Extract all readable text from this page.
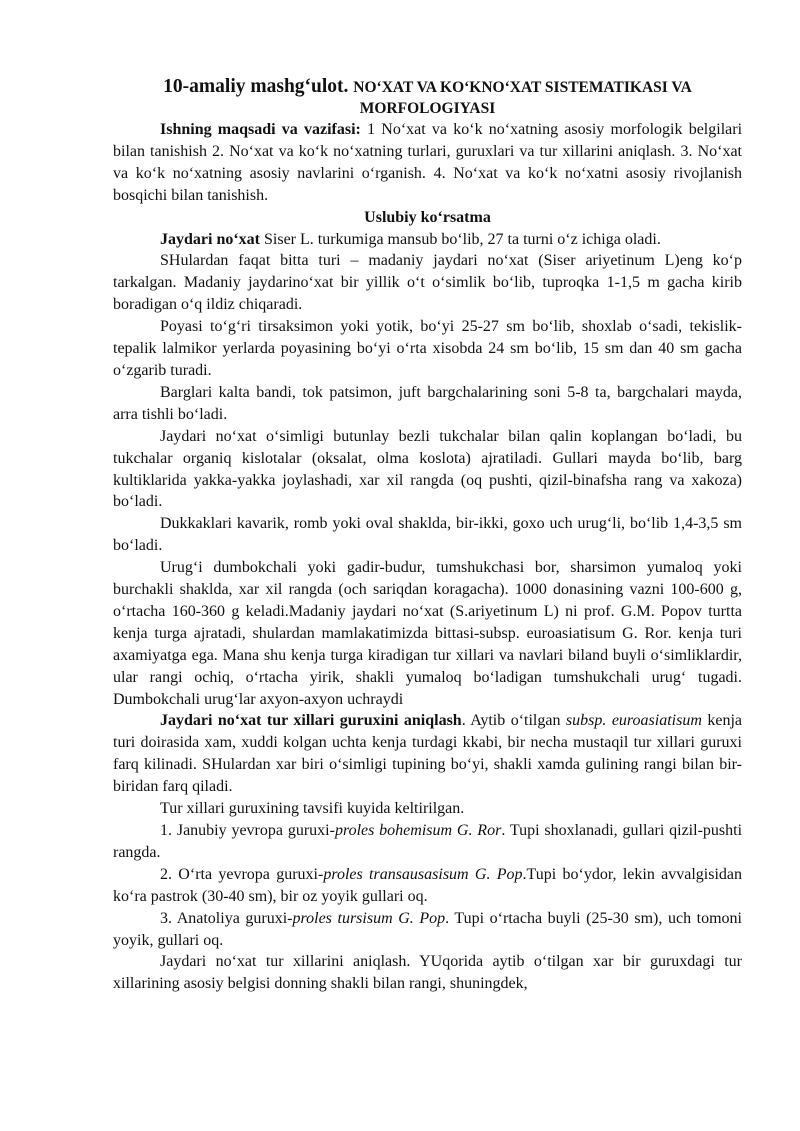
10-amaliy mashgʻulot. NOʻXAT VA KOʻKNOʻXAT SISTEMATIKASI VA MORFOLOGIYASI

Ishning maqsadi va vazifasi: 1 Noʻxat va koʻk noʻxatning asosiy morfologik belgilari bilan tanishish 2. Noʻxat va koʻk noʻxatning turlari, guruxlari va tur xillarini aniqlash. 3. Noʻxat va koʻk noʻxatning asosiy navlarini oʻrganish. 4. Noʻxat va koʻk noʻxatni asosiy rivojlanish bosqichi bilan tanishish.

Uslubiy koʻrsatma

Jaydari noʻxat Siser L. turkumiga mansub boʻlib, 27 ta turni oʻz ichiga oladi.

SHulardan faqat bitta turi – madaniy jaydari noʻxat (Siser ariyetinum L)eng koʻp tarkalgan. Madaniy jaydarinoʻxat bir yillik oʻt oʻsimlik boʻlib, tuproqka 1-1,5 m gacha kirib boradigan oʻq ildiz chiqaradi.

Poyasi toʻgʻri tirsaksimon yoki yotik, boʻyi 25-27 sm boʻlib, shoxlab oʻsadi, tekislik-tepalik lalmikor yerlarda poyasining boʻyi oʻrta xisobda 24 sm boʻlib, 15 sm dan 40 sm gacha oʻzgarib turadi.

Barglari kalta bandi, tok patsimon, juft bargchalarining soni 5-8 ta, bargchalari mayda, arra tishli boʻladi.

Jaydari noʻxat oʻsimligi butunlay bezli tukchalar bilan qalin koplangan boʻladi, bu tukchalar organiq kislotalar (oksalat, olma koslota) ajratiladi. Gullari mayda boʻlib, barg kultiklarida yakka-yakka joylashadi, xar xil rangda (oq pushti, qizil-binafsha rang va xakoza) boʻladi.

Dukkaklari kavarik, romb yoki oval shaklda, bir-ikki, goxo uch urugʻli, boʻlib 1,4-3,5 sm boʻladi.

Urugʻi dumbokchali yoki gadir-budur, tumshukchasi bor, sharsimon yumaloq yoki burchakli shaklda, xar xil rangda (och sariqdan koragacha). 1000 donasining vazni 100-600 g, oʻrtacha 160-360 g keladi.Madaniy jaydari noʻxat (S.ariyetinum L) ni prof. G.M. Popov turtta kenja turga ajratadi, shulardan mamlakatimizda bittasi-subsp. euroasiatisum G. Ror. kenja turi axamiyatga ega. Mana shu kenja turga kiradigan tur xillari va navlari biland buyli oʻsimliklardir, ular rangi ochiq, oʻrtacha yirik, shakli yumaloq boʻladigan tumshukchali urugʻ tugadi. Dumbokchali urugʻlar axyon-axyon uchraydi

Jaydari noʻxat tur xillari guruxini aniqlash. Aytib oʻtilgan subsp. euroasiatisum kenja turi doirasida xam, xuddi kolgan uchta kenja turdagi kkabi, bir necha mustaqil tur xillari guruxi farq kilinadi. SHulardan xar biri oʻsimligi tupining boʻyi, shakli xamda gulining rangi bilan bir-biridan farq qiladi.

Tur xillari guruxining tavsifi kuyida keltirilgan.

1. Janubiy yevropa guruxi-proles bohemisum G. Ror. Tupi shoxlanadi, gullari qizil-pushti rangda.

2. Oʻrta yevropa guruxi-proles transausasisum G. Pop.Tupi boʻydor, lekin avvalgisidan koʻra pastrok (30-40 sm), bir oz yoyik gullari oq.

3. Anatoliya guruxi-proles tursisum G. Pop. Tupi oʻrtacha buyli (25-30 sm), uch tomoni yoyik, gullari oq.

Jaydari noʻxat tur xillarini aniqlash. YUqorida aytib oʻtilgan xar bir guruxdagi tur xillarining asosiy belgisi donning shakli bilan rangi, shuningdek,
